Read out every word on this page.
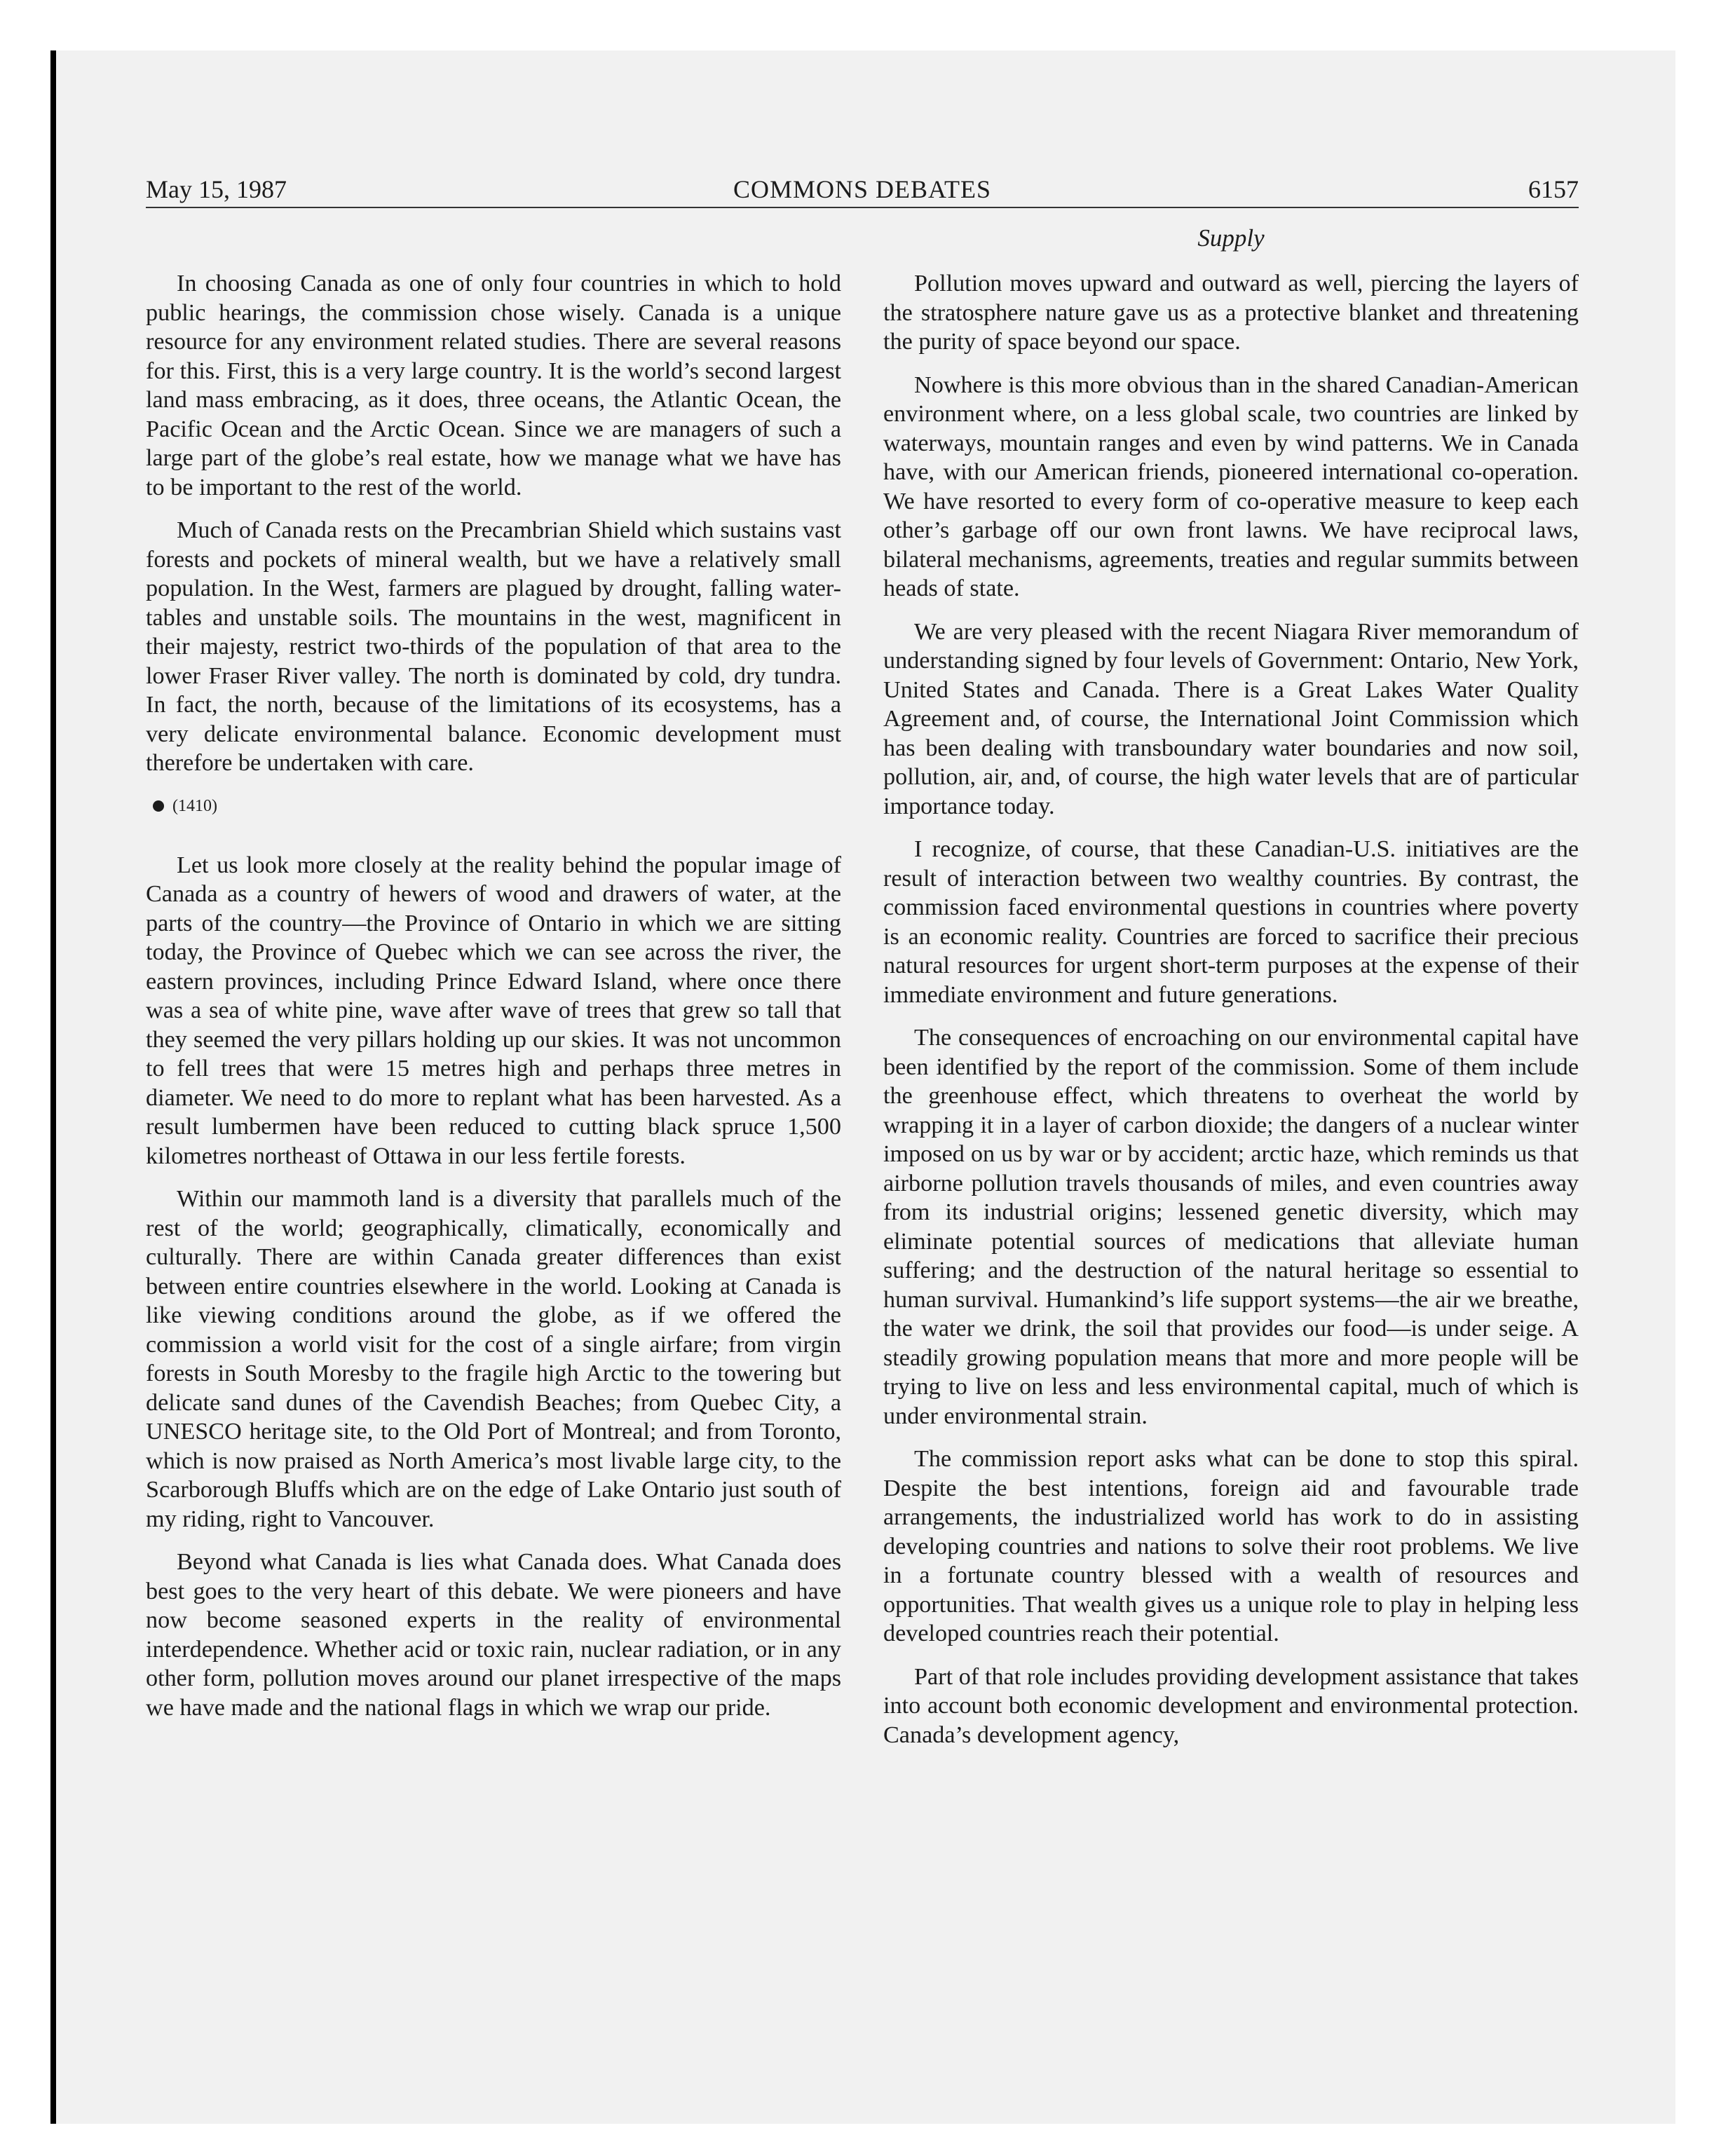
May 15, 1987	COMMONS DEBATES	6157
Supply

In choosing Canada as one of only four countries in which to hold public hearings, the commission chose wisely. Canada is a unique resource for any environment related studies. There are several reasons for this. First, this is a very large country. It is the world’s second largest land mass embracing, as it does, three oceans, the Atlantic Ocean, the Pacific Ocean and the Arctic Ocean. Since we are managers of such a large part of the globe’s real estate, how we manage what we have has to be important to the rest of the world.

Much of Canada rests on the Precambrian Shield which sustains vast forests and pockets of mineral wealth, but we have a relatively small population. In the West, farmers are plagued by drought, falling water-tables and unstable soils. The mountains in the west, magnificent in their majesty, restrict two-thirds of the population of that area to the lower Fraser River valley. The north is dominated by cold, dry tundra. In fact, the north, because of the limitations of its ecosystems, has a very delicate environmental balance. Economic development must therefore be undertaken with care.

(1410)

Let us look more closely at the reality behind the popular image of Canada as a country of hewers of wood and drawers of water, at the parts of the country—the Province of Ontario in which we are sitting today, the Province of Quebec which we can see across the river, the eastern provinces, including Prince Edward Island, where once there was a sea of white pine, wave after wave of trees that grew so tall that they seemed the very pillars holding up our skies. It was not uncommon to fell trees that were 15 metres high and perhaps three metres in diameter. We need to do more to replant what has been harvested. As a result lumbermen have been reduced to cutting black spruce 1,500 kilometres northeast of Ottawa in our less fertile forests.

Within our mammoth land is a diversity that parallels much of the rest of the world; geographically, climatically, economically and culturally. There are within Canada greater differences than exist between entire countries elsewhere in the world. Looking at Canada is like viewing conditions around the globe, as if we offered the commission a world visit for the cost of a single airfare; from virgin forests in South Moresby to the fragile high Arctic to the towering but delicate sand dunes of the Cavendish Beaches; from Quebec City, a UNESCO heritage site, to the Old Port of Montreal; and from Toronto, which is now praised as North America’s most livable large city, to the Scarborough Bluffs which are on the edge of Lake Ontario just south of my riding, right to Vancouver.

Beyond what Canada is lies what Canada does. What Canada does best goes to the very heart of this debate. We were pioneers and have now become seasoned experts in the reality of environmental interdependence. Whether acid or toxic rain, nuclear radiation, or in any other form, pollution moves around our planet irrespective of the maps we have made and the national flags in which we wrap our pride.

Pollution moves upward and outward as well, piercing the layers of the stratosphere nature gave us as a protective blanket and threatening the purity of space beyond our space.

Nowhere is this more obvious than in the shared Canadian-American environment where, on a less global scale, two countries are linked by waterways, mountain ranges and even by wind patterns. We in Canada have, with our American friends, pioneered international co-operation. We have resorted to every form of co-operative measure to keep each other’s garbage off our own front lawns. We have reciprocal laws, bilateral mechanisms, agreements, treaties and regular summits between heads of state.

We are very pleased with the recent Niagara River memorandum of understanding signed by four levels of Government: Ontario, New York, United States and Canada. There is a Great Lakes Water Quality Agreement and, of course, the International Joint Commission which has been dealing with transboundary water boundaries and now soil, pollution, air, and, of course, the high water levels that are of particular importance today.

I recognize, of course, that these Canadian-U.S. initiatives are the result of interaction between two wealthy countries. By contrast, the commission faced environmental questions in countries where poverty is an economic reality. Countries are forced to sacrifice their precious natural resources for urgent short-term purposes at the expense of their immediate environment and future generations.

The consequences of encroaching on our environmental capital have been identified by the report of the commission. Some of them include the greenhouse effect, which threatens to overheat the world by wrapping it in a layer of carbon dioxide; the dangers of a nuclear winter imposed on us by war or by accident; arctic haze, which reminds us that airborne pollution travels thousands of miles, and even countries away from its industrial origins; lessened genetic diversity, which may eliminate potential sources of medications that alleviate human suffering; and the destruction of the natural heritage so essential to human survival. Humankind’s life support systems—the air we breathe, the water we drink, the soil that provides our food—is under seige. A steadily growing population means that more and more people will be trying to live on less and less environmental capital, much of which is under environmental strain.

The commission report asks what can be done to stop this spiral. Despite the best intentions, foreign aid and favourable trade arrangements, the industrialized world has work to do in assisting developing countries and nations to solve their root problems. We live in a fortunate country blessed with a wealth of resources and opportunities. That wealth gives us a unique role to play in helping less developed countries reach their potential.

Part of that role includes providing development assistance that takes into account both economic development and environmental protection. Canada’s development agency,
